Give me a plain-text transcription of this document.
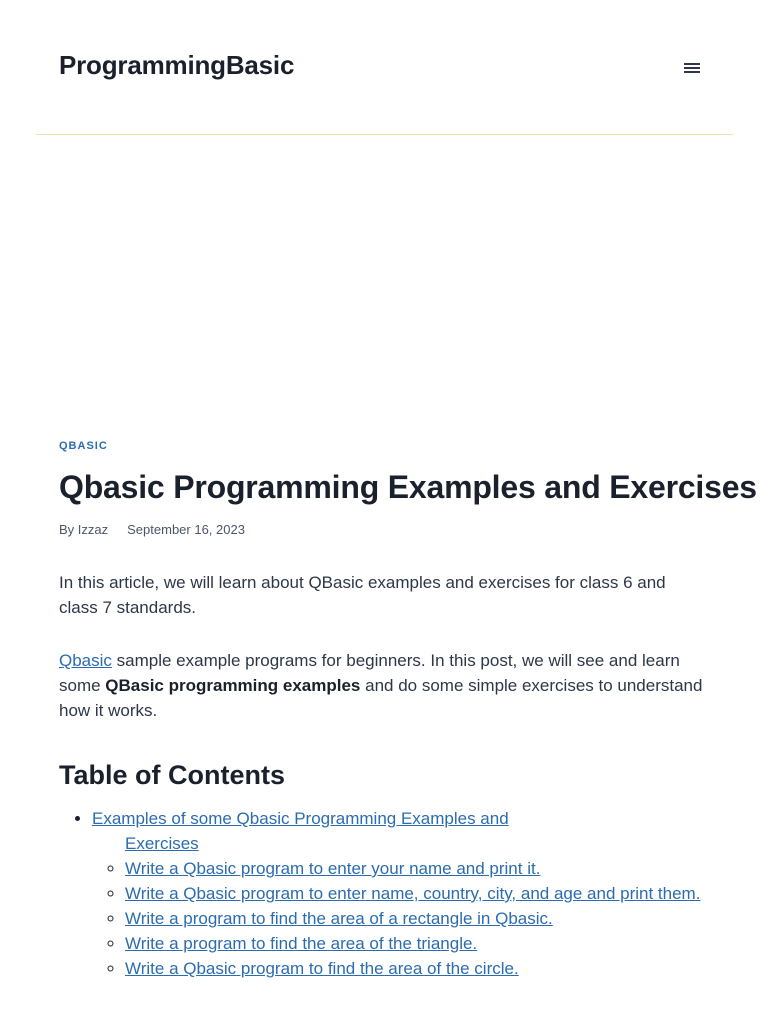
ProgrammingBasic
QBASIC
Qbasic Programming Examples and Exercises
By Izzaz September 16, 2023

In this article, we will learn about QBasic examples and exercises for class 6 and class 7 standards.

Qbasic sample example programs for beginners. In this post, we will see and learn some QBasic programming examples and do some simple exercises to understand how it works.

Table of Contents
• Examples of some Qbasic Programming Examples and
Exercises
◦ Write a Qbasic program to enter your name and print it.
◦ Write a Qbasic program to enter name, country, city, and age and print them.
◦ Write a program to find the area of a rectangle in Qbasic.
◦ Write a program to find the area of the triangle.
◦ Write a Qbasic program to find the area of the circle.
